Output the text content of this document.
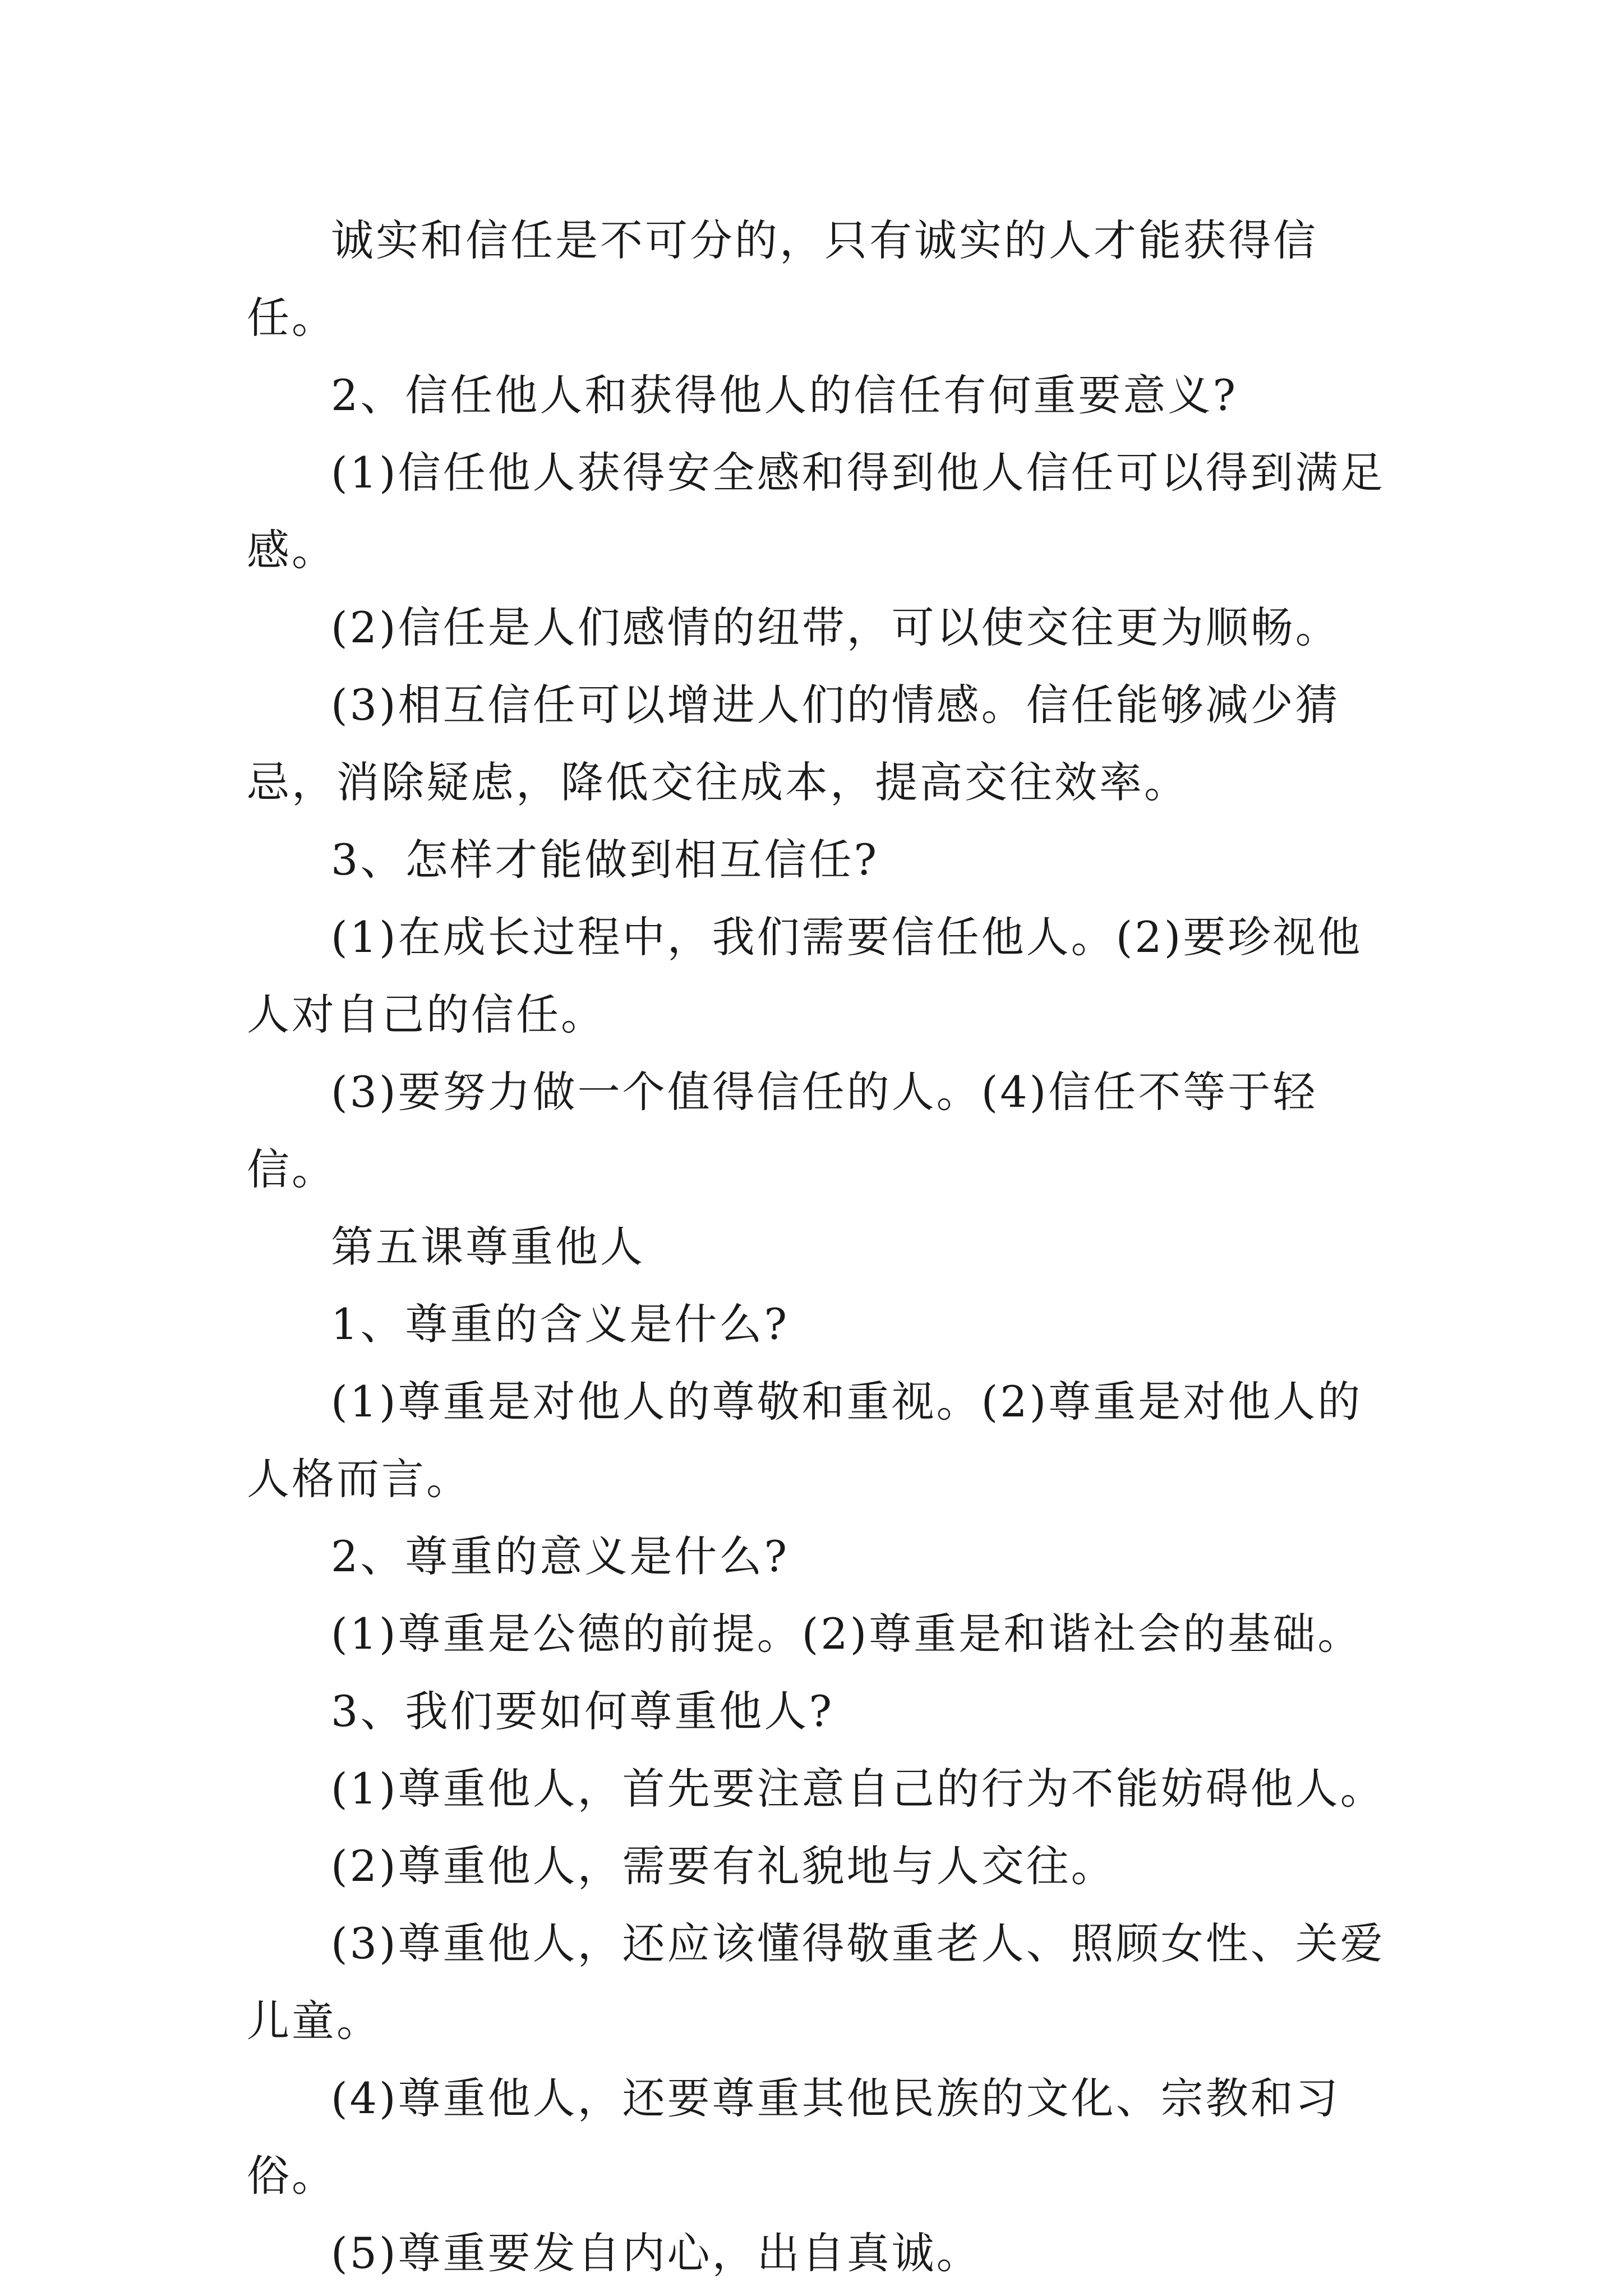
诚实和信任是不可分的，只有诚实的人才能获得信任。

2、信任他人和获得他人的信任有何重要意义?

(1)信任他人获得安全感和得到他人信任可以得到满足感。

(2)信任是人们感情的纽带，可以使交往更为顺畅。

(3)相互信任可以增进人们的情感。信任能够减少猜忌，消除疑虑，降低交往成本，提高交往效率。

3、怎样才能做到相互信任?

(1)在成长过程中，我们需要信任他人。(2)要珍视他人对自己的信任。

(3)要努力做一个值得信任的人。(4)信任不等于轻信。

第五课尊重他人

1、尊重的含义是什么?

(1)尊重是对他人的尊敬和重视。(2)尊重是对他人的人格而言。

2、尊重的意义是什么?

(1)尊重是公德的前提。(2)尊重是和谐社会的基础。

3、我们要如何尊重他人?

(1)尊重他人，首先要注意自己的行为不能妨碍他人。

(2)尊重他人，需要有礼貌地与人交往。

(3)尊重他人，还应该懂得敬重老人、照顾女性、关爱儿童。

(4)尊重他人，还要尊重其他民族的文化、宗教和习俗。

(5)尊重要发自内心，出自真诚。
